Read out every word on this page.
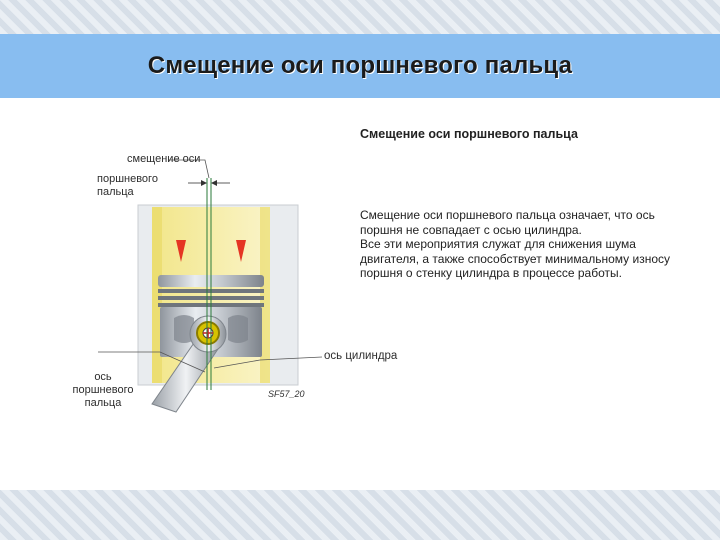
Смещение оси поршневого пальца
смещение оси
поршневого
пальца
ось
поршневого
пальца
ось цилиндра
SF57_20
Смещение оси поршневого пальца

Смещение оси поршневого пальца означает, что ось поршня не совпадает с осью цилиндра.

Все эти мероприятия служат для снижения шума двигателя, а также способствует минимальному износу поршня о стенку цилиндра в процессе работы.
